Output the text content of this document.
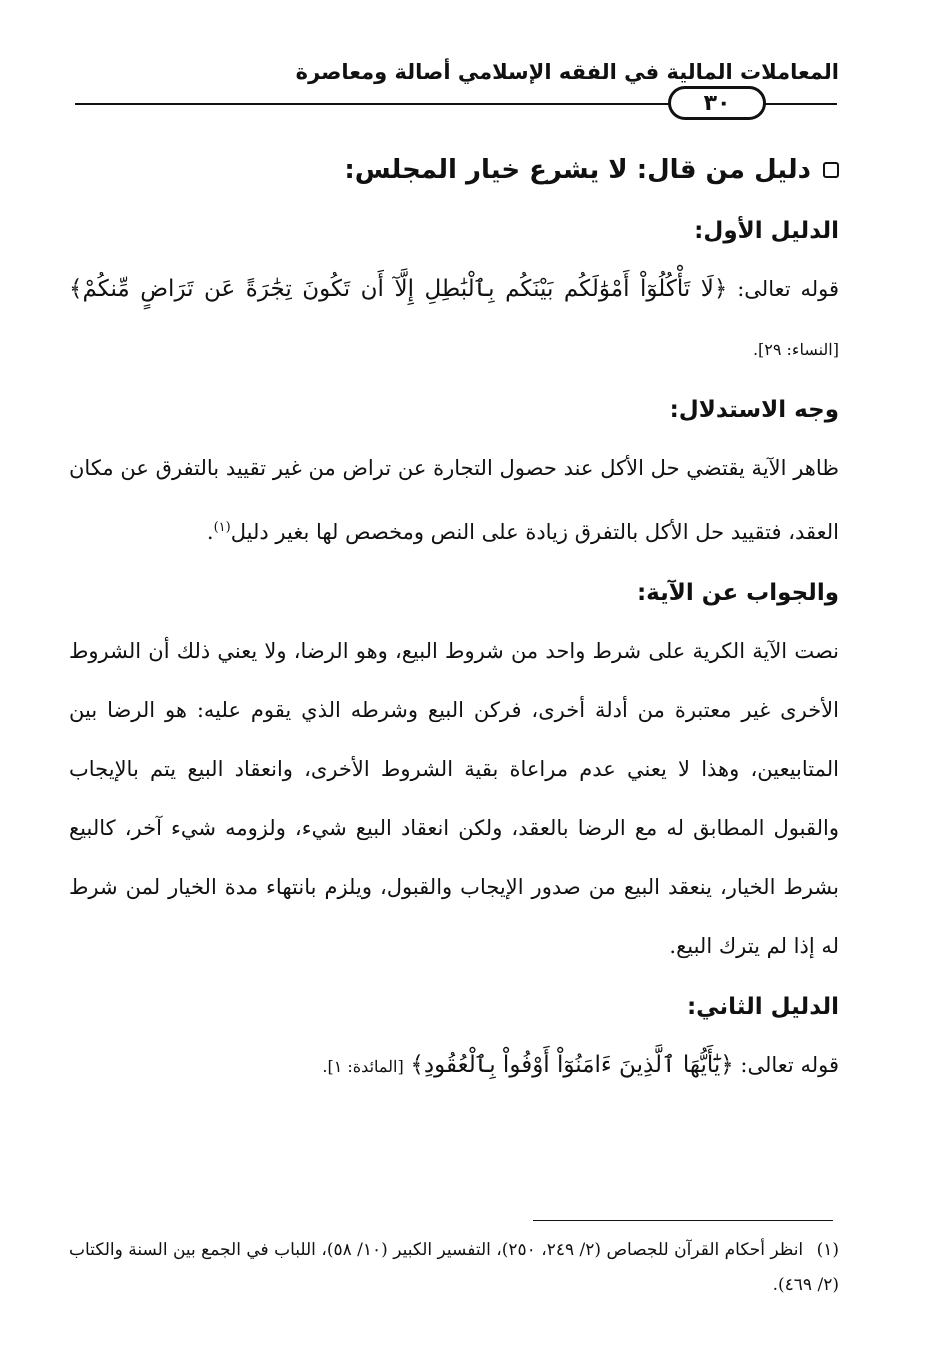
المعاملات المالية في الفقه الإسلامي أصالة ومعاصرة
٣٠
دليل من قال: لا يشرع خيار المجلس:
الدليل الأول:

قوله تعالى: ﴿لَا تَأْكُلُوٓاْ أَمْوَٰلَكُم بَيْنَكُم بِٱلْبَٰطِلِ إِلَّآ أَن تَكُونَ تِجَٰرَةً عَن تَرَاضٍ مِّنكُمْ﴾ [النساء: ٢٩].

وجه الاستدلال:

ظاهر الآية يقتضي حل الأكل عند حصول التجارة عن تراض من غير تقييد بالتفرق عن مكان العقد، فتقييد حل الأكل بالتفرق زيادة على النص ومخصص لها بغير دليل$^{(١)}$.

والجواب عن الآية:

نصت الآية الكرية على شرط واحد من شروط البيع، وهو الرضا، ولا يعني ذلك أن الشروط الأخرى غير معتبرة من أدلة أخرى، فركن البيع وشرطه الذي يقوم عليه: هو الرضا بين المتابيعين، وهذا لا يعني عدم مراعاة بقية الشروط الأخرى، وانعقاد البيع يتم بالإيجاب والقبول المطابق له مع الرضا بالعقد، ولكن انعقاد البيع شيء، ولزومه شيء آخر، كالبيع بشرط الخيار، ينعقد البيع من صدور الإيجاب والقبول، ويلزم بانتهاء مدة الخيار لمن شرط له إذا لم يترك البيع.

الدليل الثاني:

قوله تعالى: ﴿يَٰٓأَيُّهَا ٱلَّذِينَ ءَامَنُوٓاْ أَوْفُواْ بِٱلْعُقُودِ﴾ [المائدة: ١].

(١) انظر أحكام القرآن للجصاص (٢/ ٢٤٩، ٢٥٠)، التفسير الكبير (١٠/ ٥٨)، اللباب في الجمع بين السنة والكتاب (٢/ ٤٦٩).
